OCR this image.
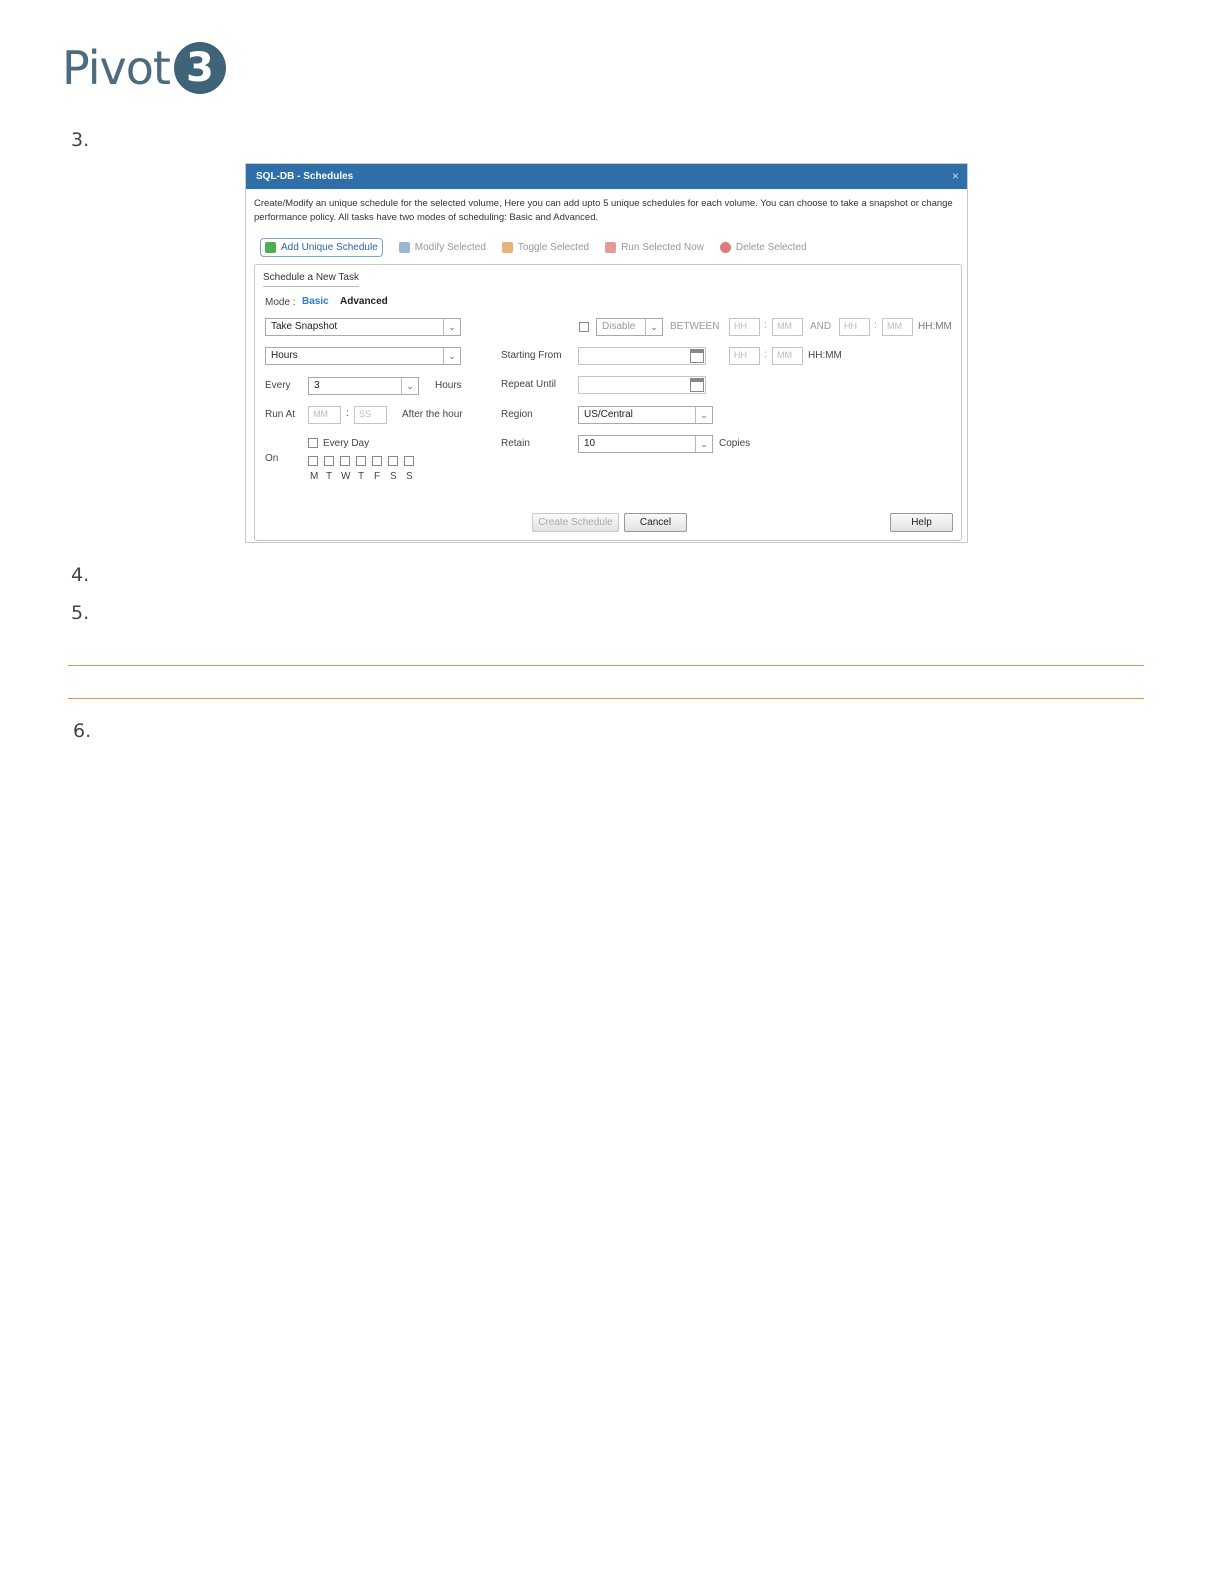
Pivot 3
3.
SQL-DB - Schedules	×
Create/Modify an unique schedule for the selected volume, Here you can add upto 5 unique schedules for each volume. You can choose to take a snapshot or change performance policy. All tasks have two modes of scheduling: Basic and Advanced.
Add Unique Schedule	Modify Selected	Toggle Selected	Run Selected Now	Delete Selected
Schedule a New Task
Mode : Basic Advanced
Take Snapshot	⌄
Hours	⌄
Every	3	⌄	Hours
Run At	MM	:	SS	After the hour
Every Day
On
M T W T F S S
Disable	⌄	BETWEEN	HH	:	MM	AND	HH	:	MM	HH:MM
Starting From	HH	:	MM	HH:MM
Repeat Until
Region	US/Central	⌄
Retain	10	⌄	Copies
Create Schedule	Cancel	Help
4.
5.
6.
